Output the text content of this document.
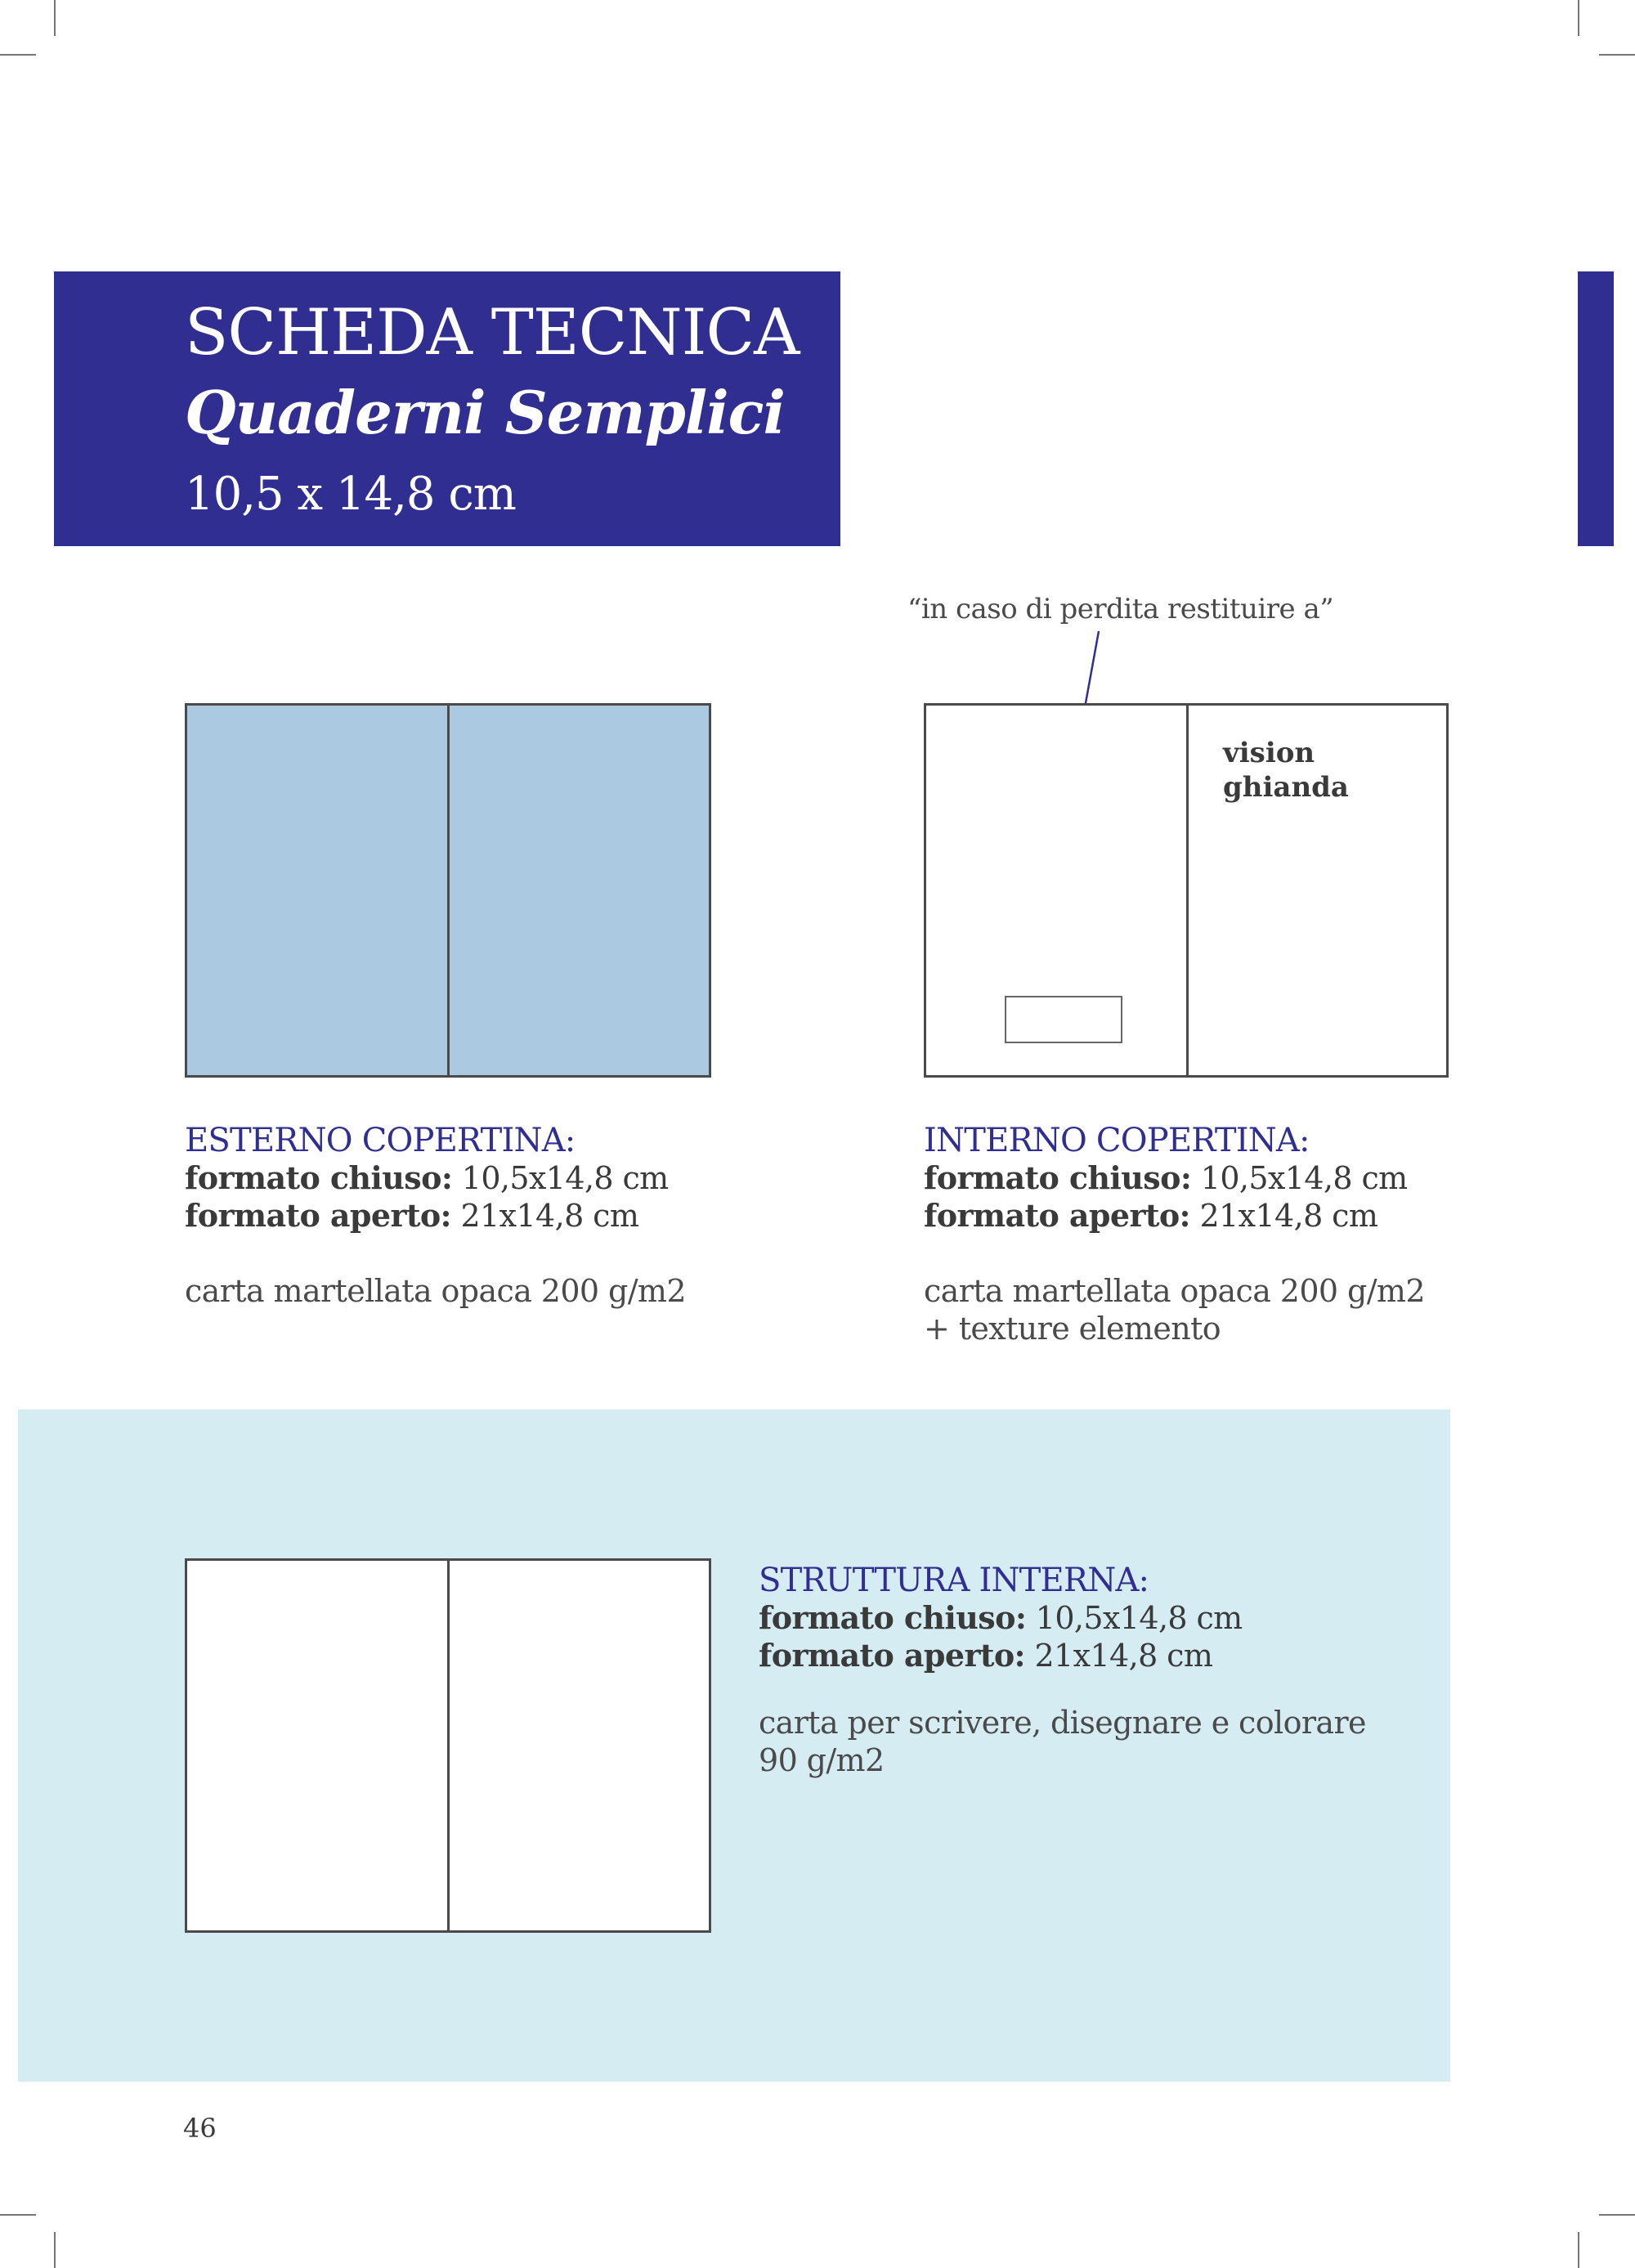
SCHEDA TECNICA
Quaderni Semplici
10,5 x 14,8 cm
“in caso di perdita restituire a”
vision
ghianda
ESTERNO COPERTINA:
formato chiuso: 10,5x14,8 cm
formato aperto: 21x14,8 cm
carta martellata opaca 200 g/m2
INTERNO COPERTINA:
formato chiuso: 10,5x14,8 cm
formato aperto: 21x14,8 cm
carta martellata opaca 200 g/m2
+ texture elemento
STRUTTURA INTERNA:
formato chiuso: 10,5x14,8 cm
formato aperto: 21x14,8 cm
carta per scrivere, disegnare e colorare
90 g/m2
46
